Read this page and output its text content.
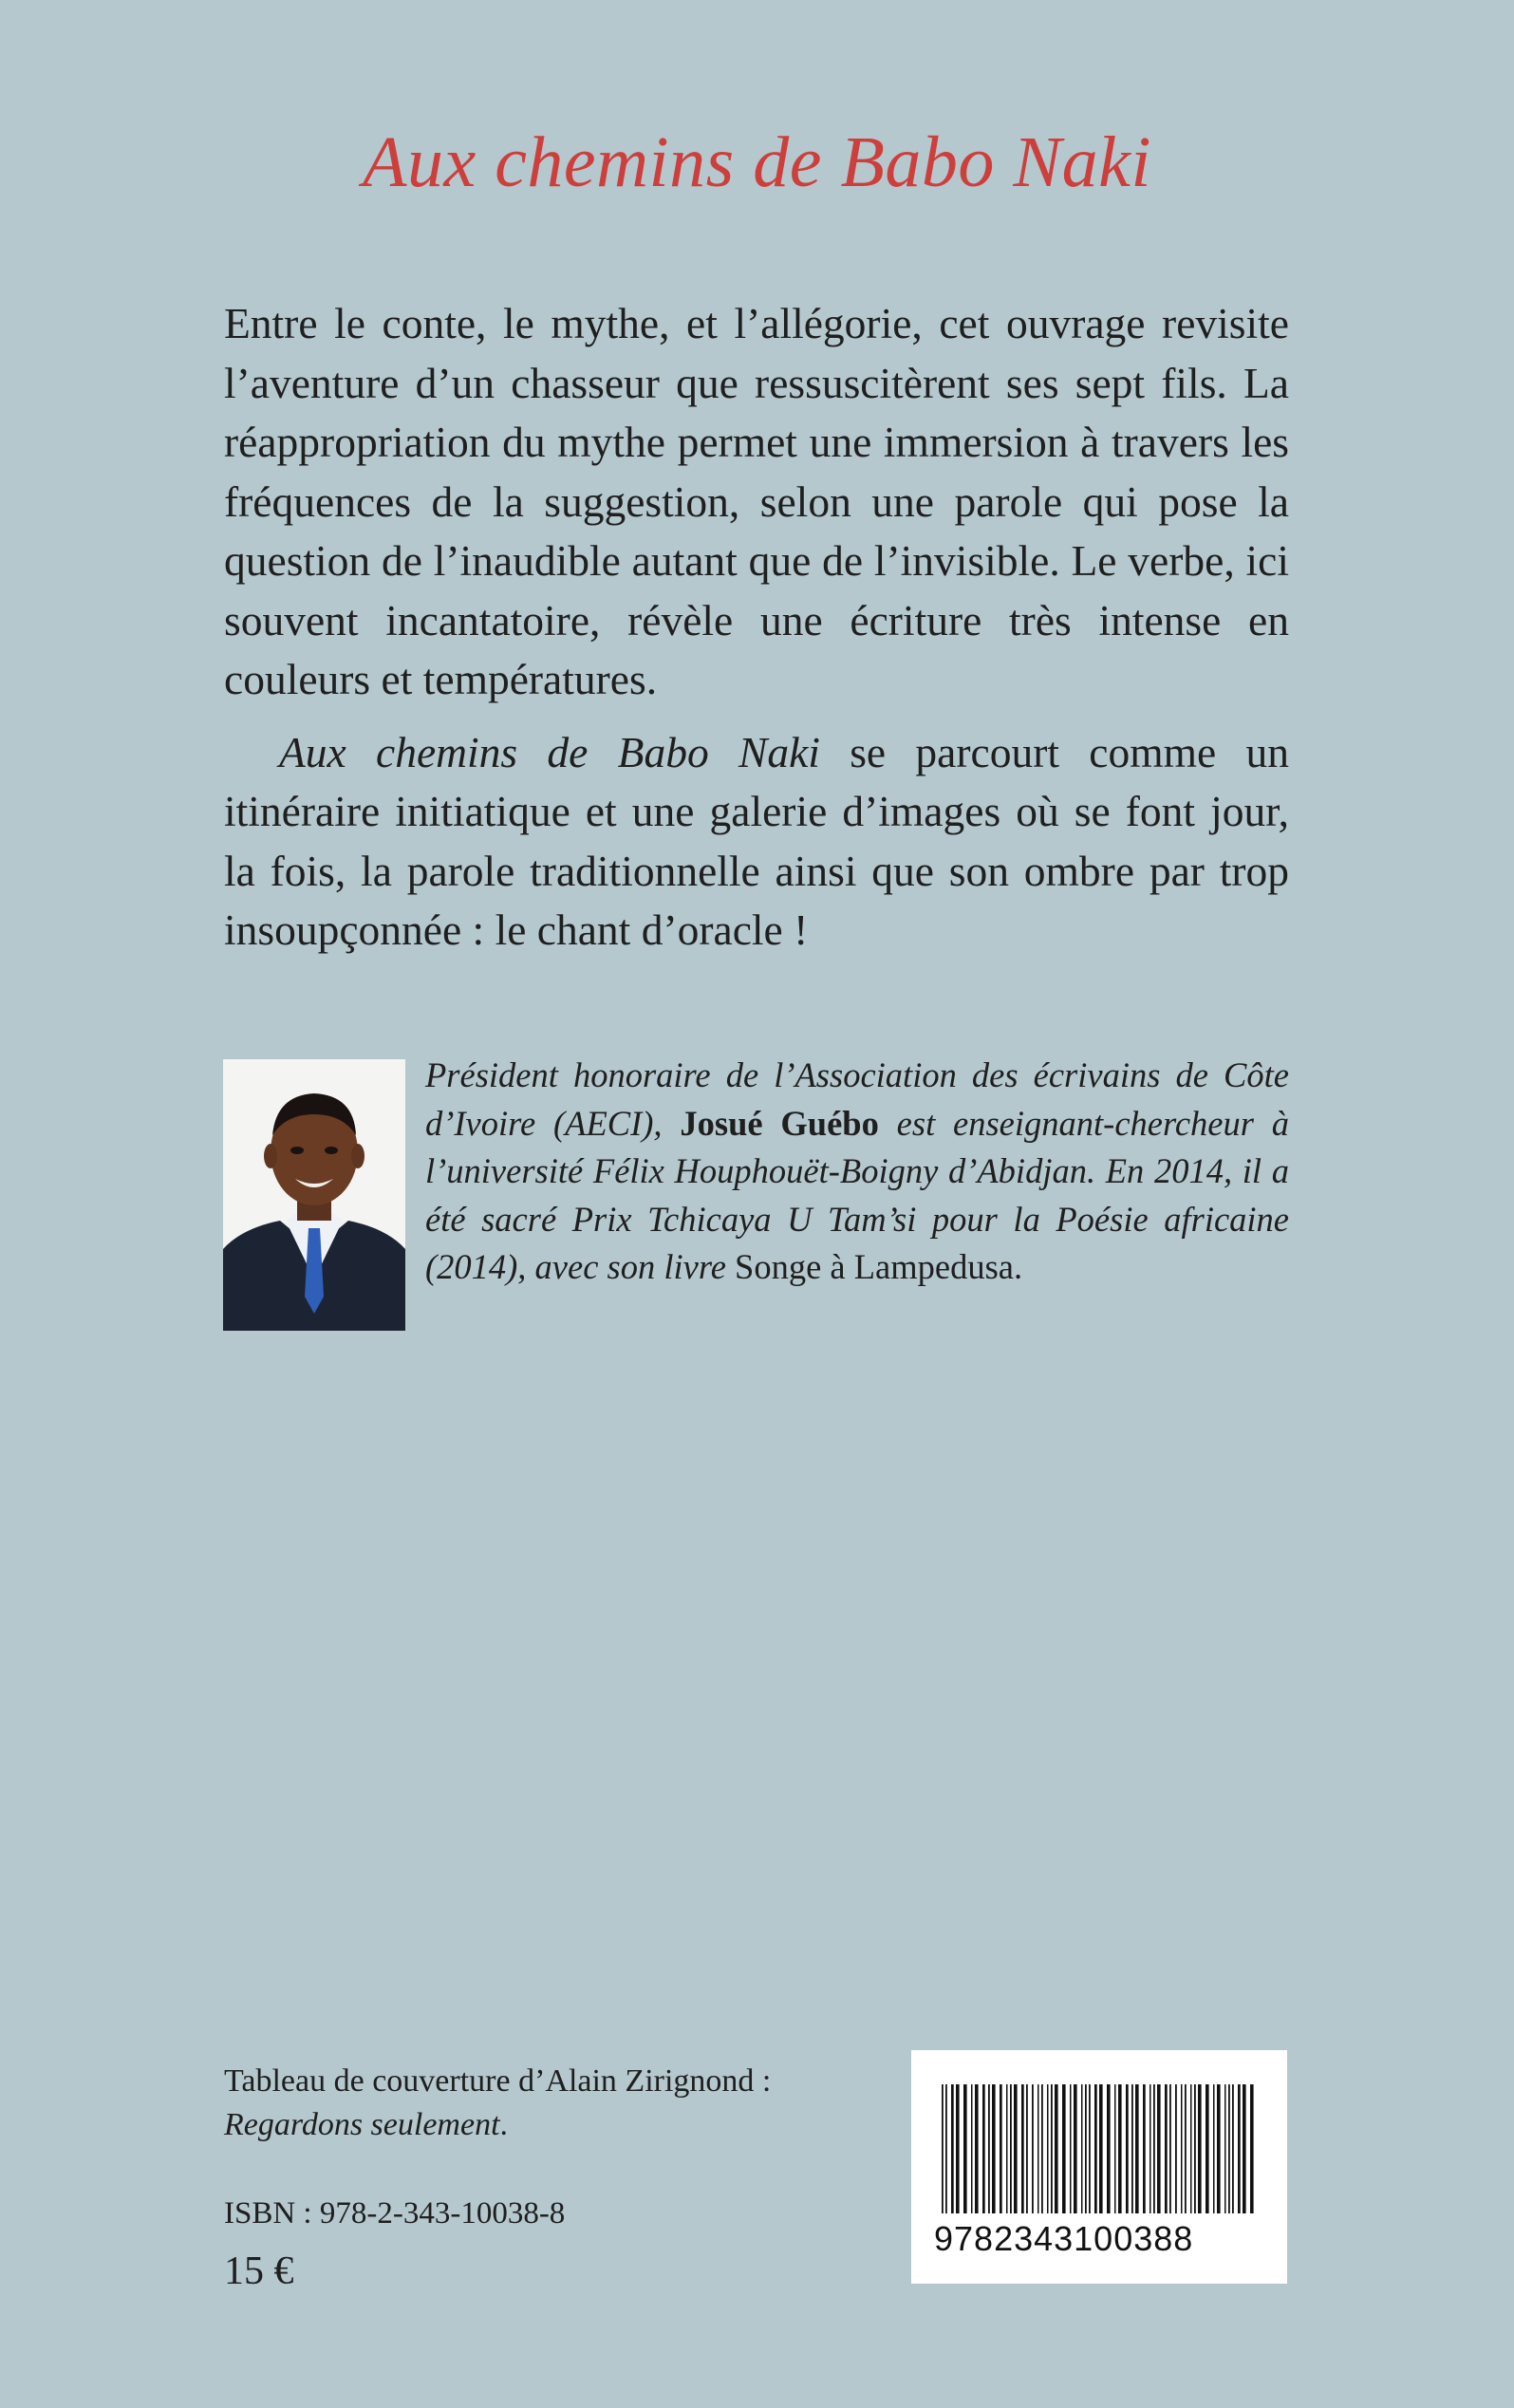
Aux chemins de Babo Naki

Entre le conte, le mythe, et l’allégorie, cet ouvrage revisite l’aventure d’un chasseur que ressuscitèrent ses sept fils. La réappropriation du mythe permet une immersion à travers les fréquences de la suggestion, selon une parole qui pose la question de l’inaudible autant que de l’invisible. Le verbe, ici souvent incantatoire, révèle une écriture très intense en couleurs et températures.

Aux chemins de Babo Naki se parcourt comme un itinéraire initiatique et une galerie d’images où se font jour, la fois, la parole traditionnelle ainsi que son ombre par trop insoupçonnée : le chant d’oracle !

Président honoraire de l’Association des écrivains de Côte d’Ivoire (AECI), Josué Guébo est enseignant-chercheur à l’université Félix Houphouët-Boigny d’Abidjan. En 2014, il a été sacré Prix Tchicaya U Tam’si pour la Poésie africaine (2014), avec son livre Songe à Lampedusa.
Tableau de couverture d’Alain Zirignond :
Regardons seulement.
ISBN : 978-2-343-10038-8
15 €
9782343100388
